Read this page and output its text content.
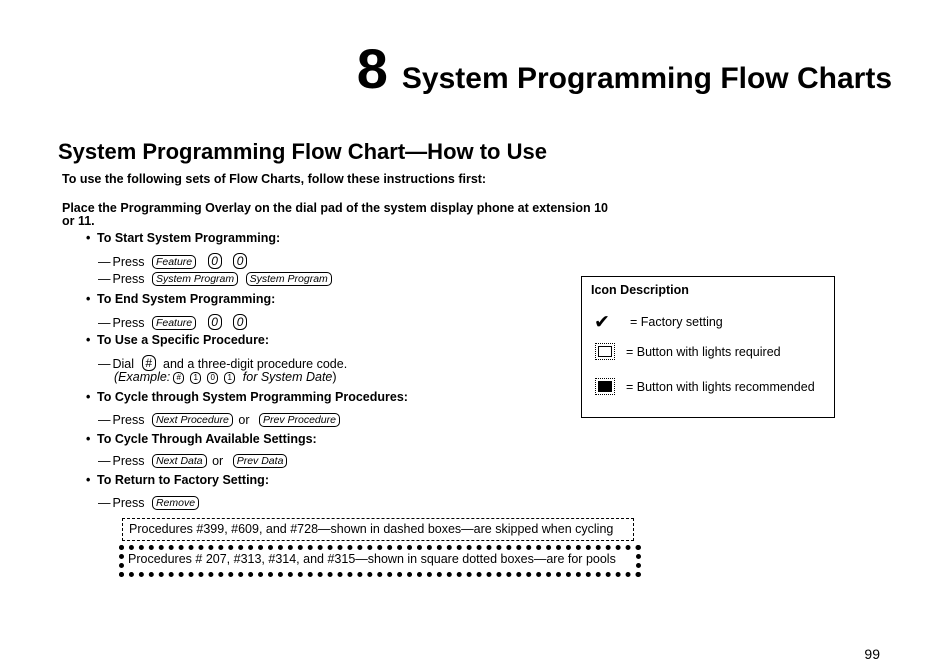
8 System Programming Flow Charts
System Programming Flow Chart—How to Use
To use the following sets of Flow Charts, follow these instructions first:
Place the Programming Overlay on the dial pad of the system display phone at extension 10 or 11.
• To Start System Programming:
— Press Feature 0 0
— Press System Program System Program
• To End System Programming:
— Press Feature 0 0
• To Use a Specific Procedure:
— Dial # and a three-digit procedure code.
(Example: # 1 0 1 for System Date)
• To Cycle through System Programming Procedures:
— Press Next Procedure or Prev Procedure
• To Cycle Through Available Settings:
— Press Next Data or Prev Data
• To Return to Factory Setting:
— Press Remove
Icon Description
✔ = Factory setting
= Button with lights required
= Button with lights recommended
Procedures #399, #609, and #728—shown in dashed boxes—are skipped when cycling
Procedures # 207, #313, #314, and #315—shown in square dotted boxes—are for pools
99
